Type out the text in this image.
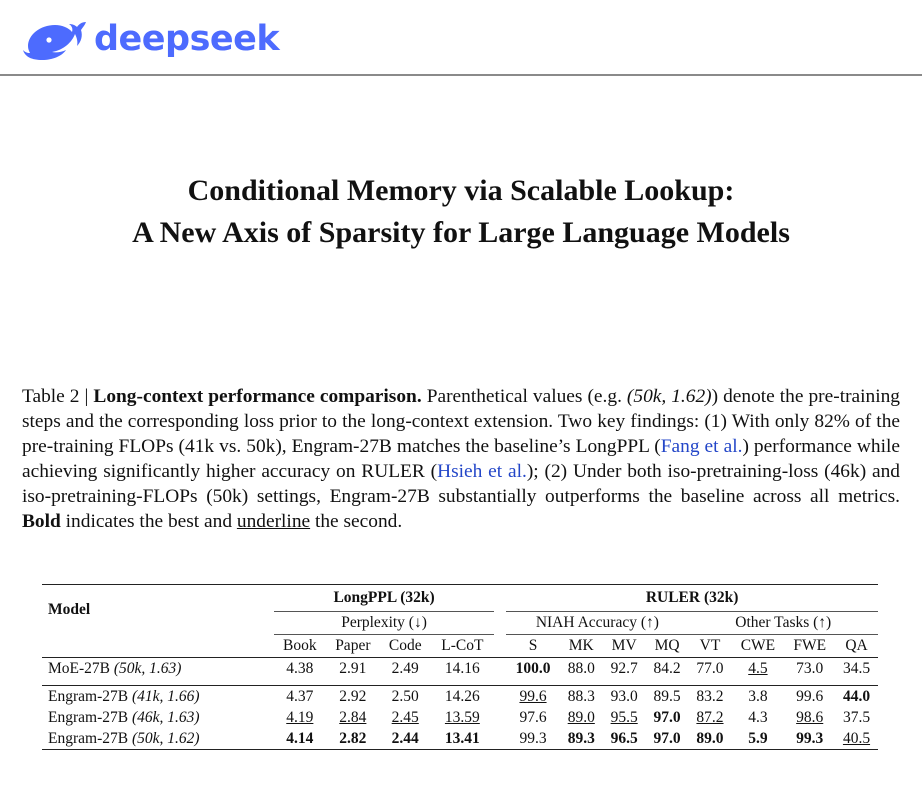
deepseek
Conditional Memory via Scalable Lookup:
A New Axis of Sparsity for Large Language Models
Table 2 | Long-context performance comparison. Parenthetical values (e.g. (50k, 1.62)) denote the pre-training steps and the corresponding loss prior to the long-context extension. Two key findings: (1) With only 82% of the pre-training FLOPs (41k vs. 50k), Engram-27B matches the baseline’s LongPPL (Fang et al.) performance while achieving significantly higher accuracy on RULER (Hsieh et al.); (2) Under both iso-pretraining-loss (46k) and iso-pretraining-FLOPs (50k) settings, Engram-27B substantially outperforms the baseline across all metrics. Bold indicates the best and underline the second.
Model		LongPPL (32k)					RULER (32k)							
		Perplexity (↓)					NIAH Accuracy (↑)				Other Tasks (↑)			
		Book	Paper	Code	L-CoT		S	MK	MV	MQ	VT	CWE	FWE	QA
MoE-27B (50k, 1.63)		4.38	2.91	2.49	14.16		100.0	88.0	92.7	84.2	77.0	4.5	73.0	34.5

Engram-27B (41k, 1.66)		4.37	2.92	2.50	14.26		99.6	88.3	93.0	89.5	83.2	3.8	99.6	44.0
Engram-27B (46k, 1.63)		4.19	2.84	2.45	13.59		97.6	89.0	95.5	97.0	87.2	4.3	98.6	37.5
Engram-27B (50k, 1.62)		4.14	2.82	2.44	13.41		99.3	89.3	96.5	97.0	89.0	5.9	99.3	40.5
